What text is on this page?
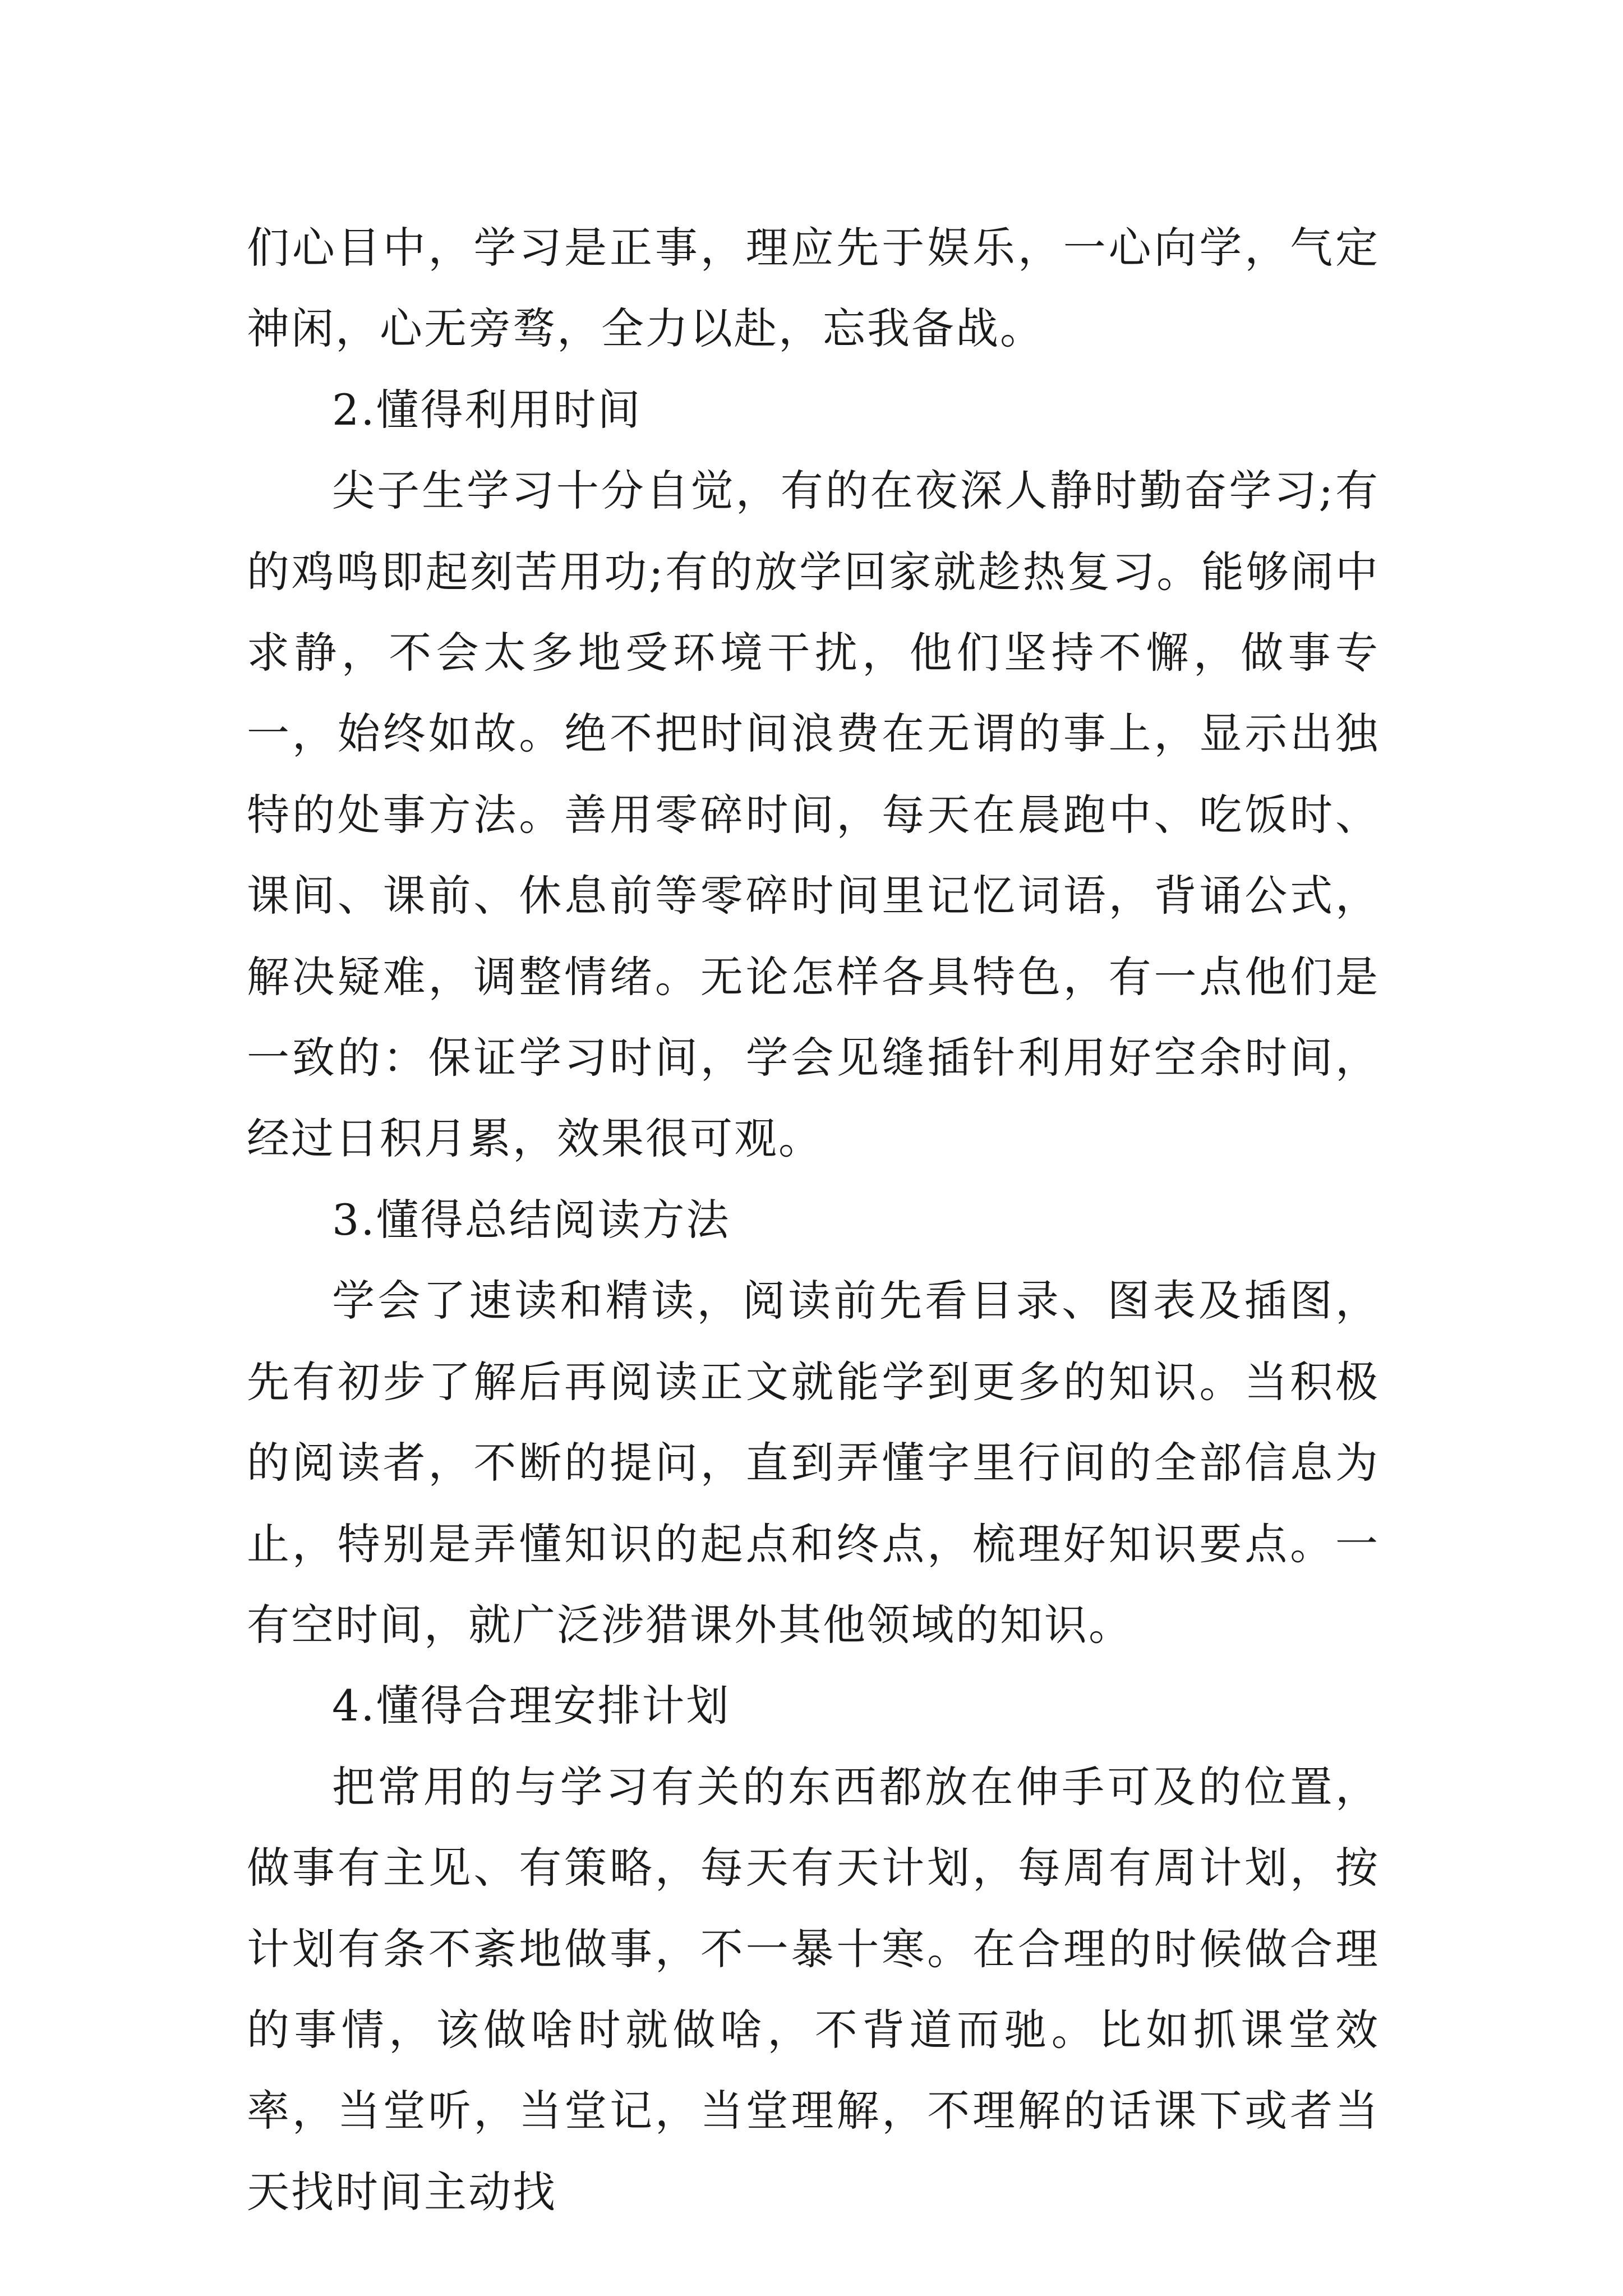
们心目中，学习是正事，理应先于娱乐，一心向学，气定神闲，心无旁骛，全力以赴，忘我备战。

2.懂得利用时间

尖子生学习十分自觉，有的在夜深人静时勤奋学习;有的鸡鸣即起刻苦用功;有的放学回家就趁热复习。能够闹中求静，不会太多地受环境干扰，他们坚持不懈，做事专一，始终如故。绝不把时间浪费在无谓的事上，显示出独特的处事方法。善用零碎时间，每天在晨跑中、吃饭时、课间、课前、休息前等零碎时间里记忆词语，背诵公式，解决疑难，调整情绪。无论怎样各具特色，有一点他们是一致的：保证学习时间，学会见缝插针利用好空余时间，经过日积月累，效果很可观。

3.懂得总结阅读方法

学会了速读和精读，阅读前先看目录、图表及插图，先有初步了解后再阅读正文就能学到更多的知识。当积极的阅读者，不断的提问，直到弄懂字里行间的全部信息为止，特别是弄懂知识的起点和终点，梳理好知识要点。一有空时间，就广泛涉猎课外其他领域的知识。

4.懂得合理安排计划

把常用的与学习有关的东西都放在伸手可及的位置，做事有主见、有策略，每天有天计划，每周有周计划，按计划有条不紊地做事，不一暴十寒。在合理的时候做合理的事情，该做啥时就做啥，不背道而驰。比如抓课堂效率，当堂听，当堂记，当堂理解，不理解的话课下或者当天找时间主动找
